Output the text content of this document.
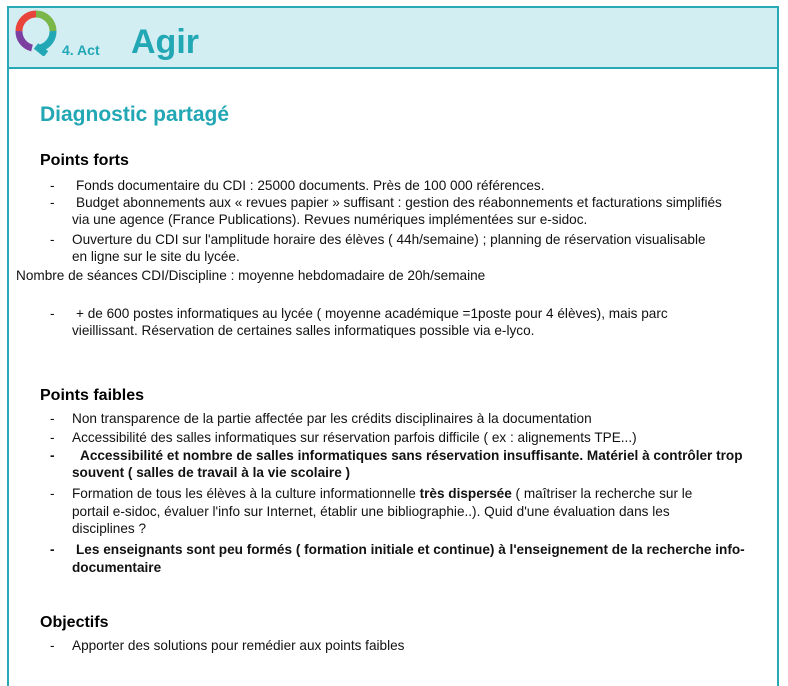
4. Act Agir
Diagnostic partagé
Points forts
- Fonds documentaire du CDI : 25000 documents. Près de 100 000 références.
- Budget abonnements aux « revues papier » suffisant : gestion des réabonnements et facturations simplifiés
via une agence (France Publications). Revues numériques implémentées sur e-sidoc.
- Ouverture du CDI sur l'amplitude horaire des élèves ( 44h/semaine) ; planning de réservation visualisable
en ligne sur le site du lycée.
Nombre de séances CDI/Discipline : moyenne hebdomadaire de 20h/semaine
- + de 600 postes informatiques au lycée ( moyenne académique =1poste pour 4 élèves), mais parc
vieillissant. Réservation de certaines salles informatiques possible via e-lyco.
Points faibles
- Non transparence de la partie affectée par les crédits disciplinaires à la documentation
- Accessibilité des salles informatiques sur réservation parfois difficile ( ex : alignements TPE...)
- Accessibilité et nombre de salles informatiques sans réservation insuffisante. Matériel à contrôler trop
souvent ( salles de travail à la vie scolaire )
- Formation de tous les élèves à la culture informationnelle très dispersée ( maîtriser la recherche sur le
portail e-sidoc, évaluer l'info sur Internet, établir une bibliographie..). Quid d'une évaluation dans les
disciplines ?
- Les enseignants sont peu formés ( formation initiale et continue) à l'enseignement de la recherche info-
documentaire
Objectifs
- Apporter des solutions pour remédier aux points faibles
